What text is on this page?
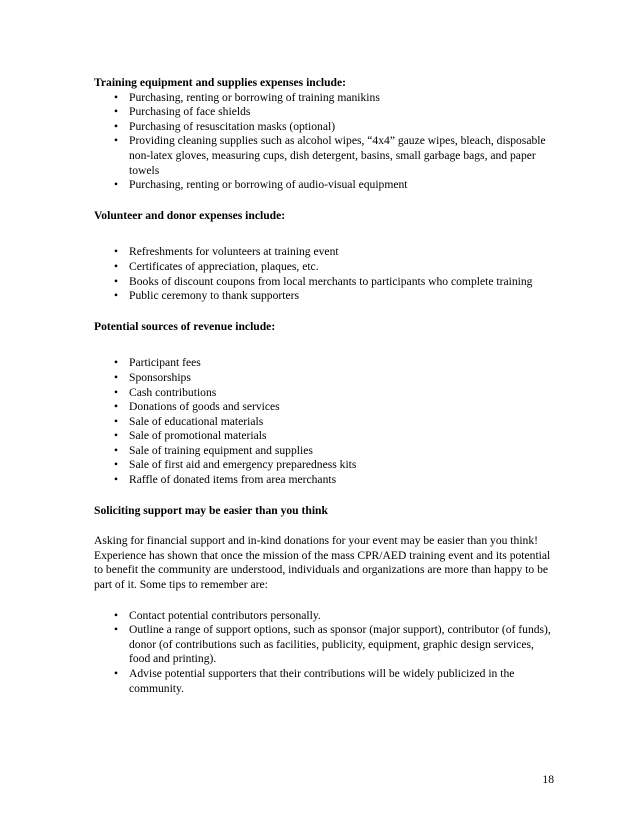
Training equipment and supplies expenses include:

• Purchasing, renting or borrowing of training manikins
• Purchasing of face shields
• Purchasing of resuscitation masks (optional)
• Providing cleaning supplies such as alcohol wipes, “4x4” gauze wipes, bleach, disposable non-latex gloves, measuring cups, dish detergent, basins, small garbage bags, and paper towels
• Purchasing, renting or borrowing of audio-visual equipment

Volunteer and donor expenses include:

• Refreshments for volunteers at training event
• Certificates of appreciation, plaques, etc.
• Books of discount coupons from local merchants to participants who complete training
• Public ceremony to thank supporters

Potential sources of revenue include:

• Participant fees
• Sponsorships
• Cash contributions
• Donations of goods and services
• Sale of educational materials
• Sale of promotional materials
• Sale of training equipment and supplies
• Sale of first aid and emergency preparedness kits
• Raffle of donated items from area merchants

Soliciting support may be easier than you think

Asking for financial support and in-kind donations for your event may be easier than you think! Experience has shown that once the mission of the mass CPR/AED training event and its potential to benefit the community are understood, individuals and organizations are more than happy to be part of it. Some tips to remember are:

• Contact potential contributors personally.
• Outline a range of support options, such as sponsor (major support), contributor (of funds), donor (of contributions such as facilities, publicity, equipment, graphic design services, food and printing).
• Advise potential supporters that their contributions will be widely publicized in the community.
18
